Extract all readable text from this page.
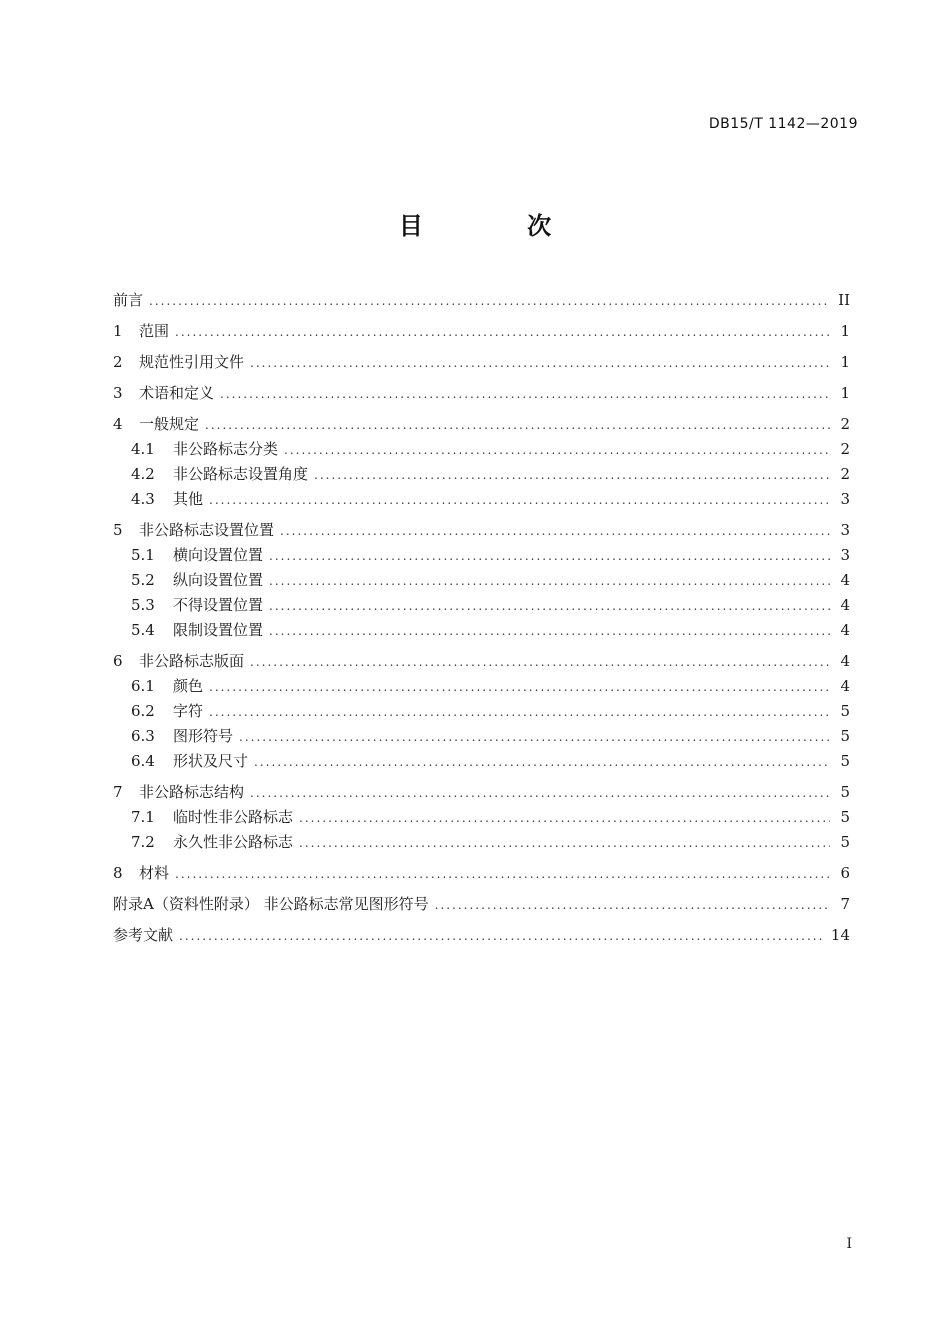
DB15/T 1142—2019
目 次
前言 .....	II
1	范围 .....	1
2	规范性引用文件 .....	1
3	术语和定义 .....	1
4	一般规定 .....	2
4.1	非公路标志分类 .....	2
4.2	非公路标志设置角度 .....	2
4.3	其他 .....	3
5	非公路标志设置位置 .....	3
5.1	横向设置位置 .....	3
5.2	纵向设置位置 .....	4
5.3	不得设置位置 .....	4
5.4	限制设置位置 .....	4
6	非公路标志版面 .....	4
6.1	颜色 .....	4
6.2	字符 .....	5
6.3	图形符号 .....	5
6.4	形状及尺寸 .....	5
7	非公路标志结构 .....	5
7.1	临时性非公路标志 .....	5
7.2	永久性非公路标志 .....	5
8	材料 .....	6
附录A（资料性附录） 非公路标志常见图形符号 .....	7
参考文献 .....	14
I
